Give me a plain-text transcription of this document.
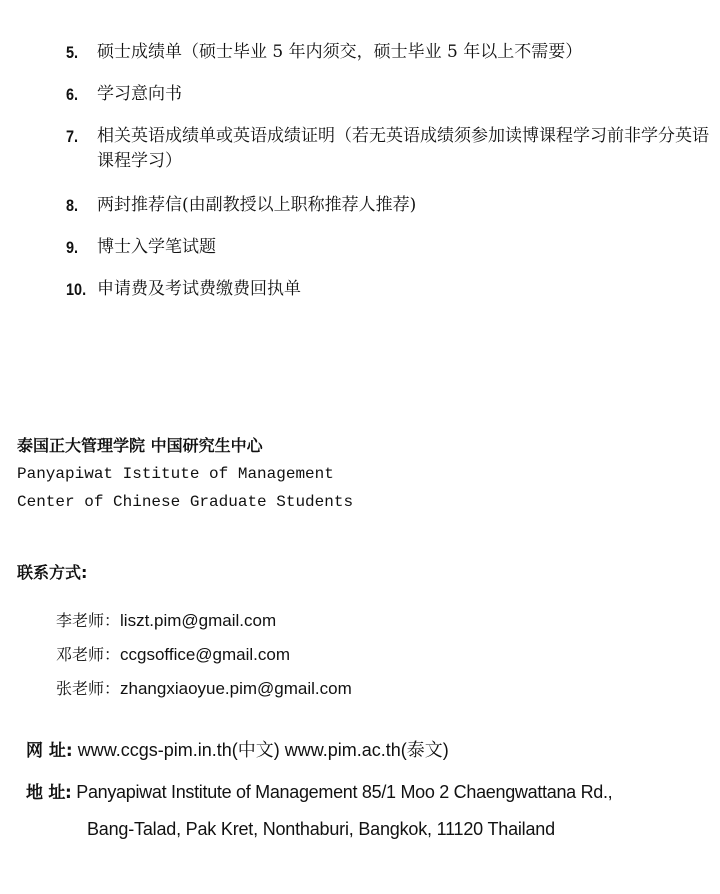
5.	硕士成绩单（硕士毕业 5 年内须交，硕士毕业 5 年以上不需要）
6.	学习意向书
7.	相关英语成绩单或英语成绩证明（若无英语成绩须参加读博课程学习前非学分英语课程学习）
8.	两封推荐信(由副教授以上职称推荐人推荐)
9.	博士入学笔试题
10. 申请费及考试费缴费回执单
泰国正大管理学院 中国研究生中心
Panyapiwat Istitute of Management
Center of Chinese Graduate Students
联系方式:
李老师：liszt.pim@gmail.com
邓老师：ccgsoffice@gmail.com
张老师：zhangxiaoyue.pim@gmail.com
网 址: www.ccgs-pim.in.th(中文) www.pim.ac.th(泰文)
地 址: Panyapiwat Institute of Management 85/1 Moo 2 Chaengwattana Rd.,
Bang-Talad, Pak Kret, Nonthaburi, Bangkok, 11120 Thailand
